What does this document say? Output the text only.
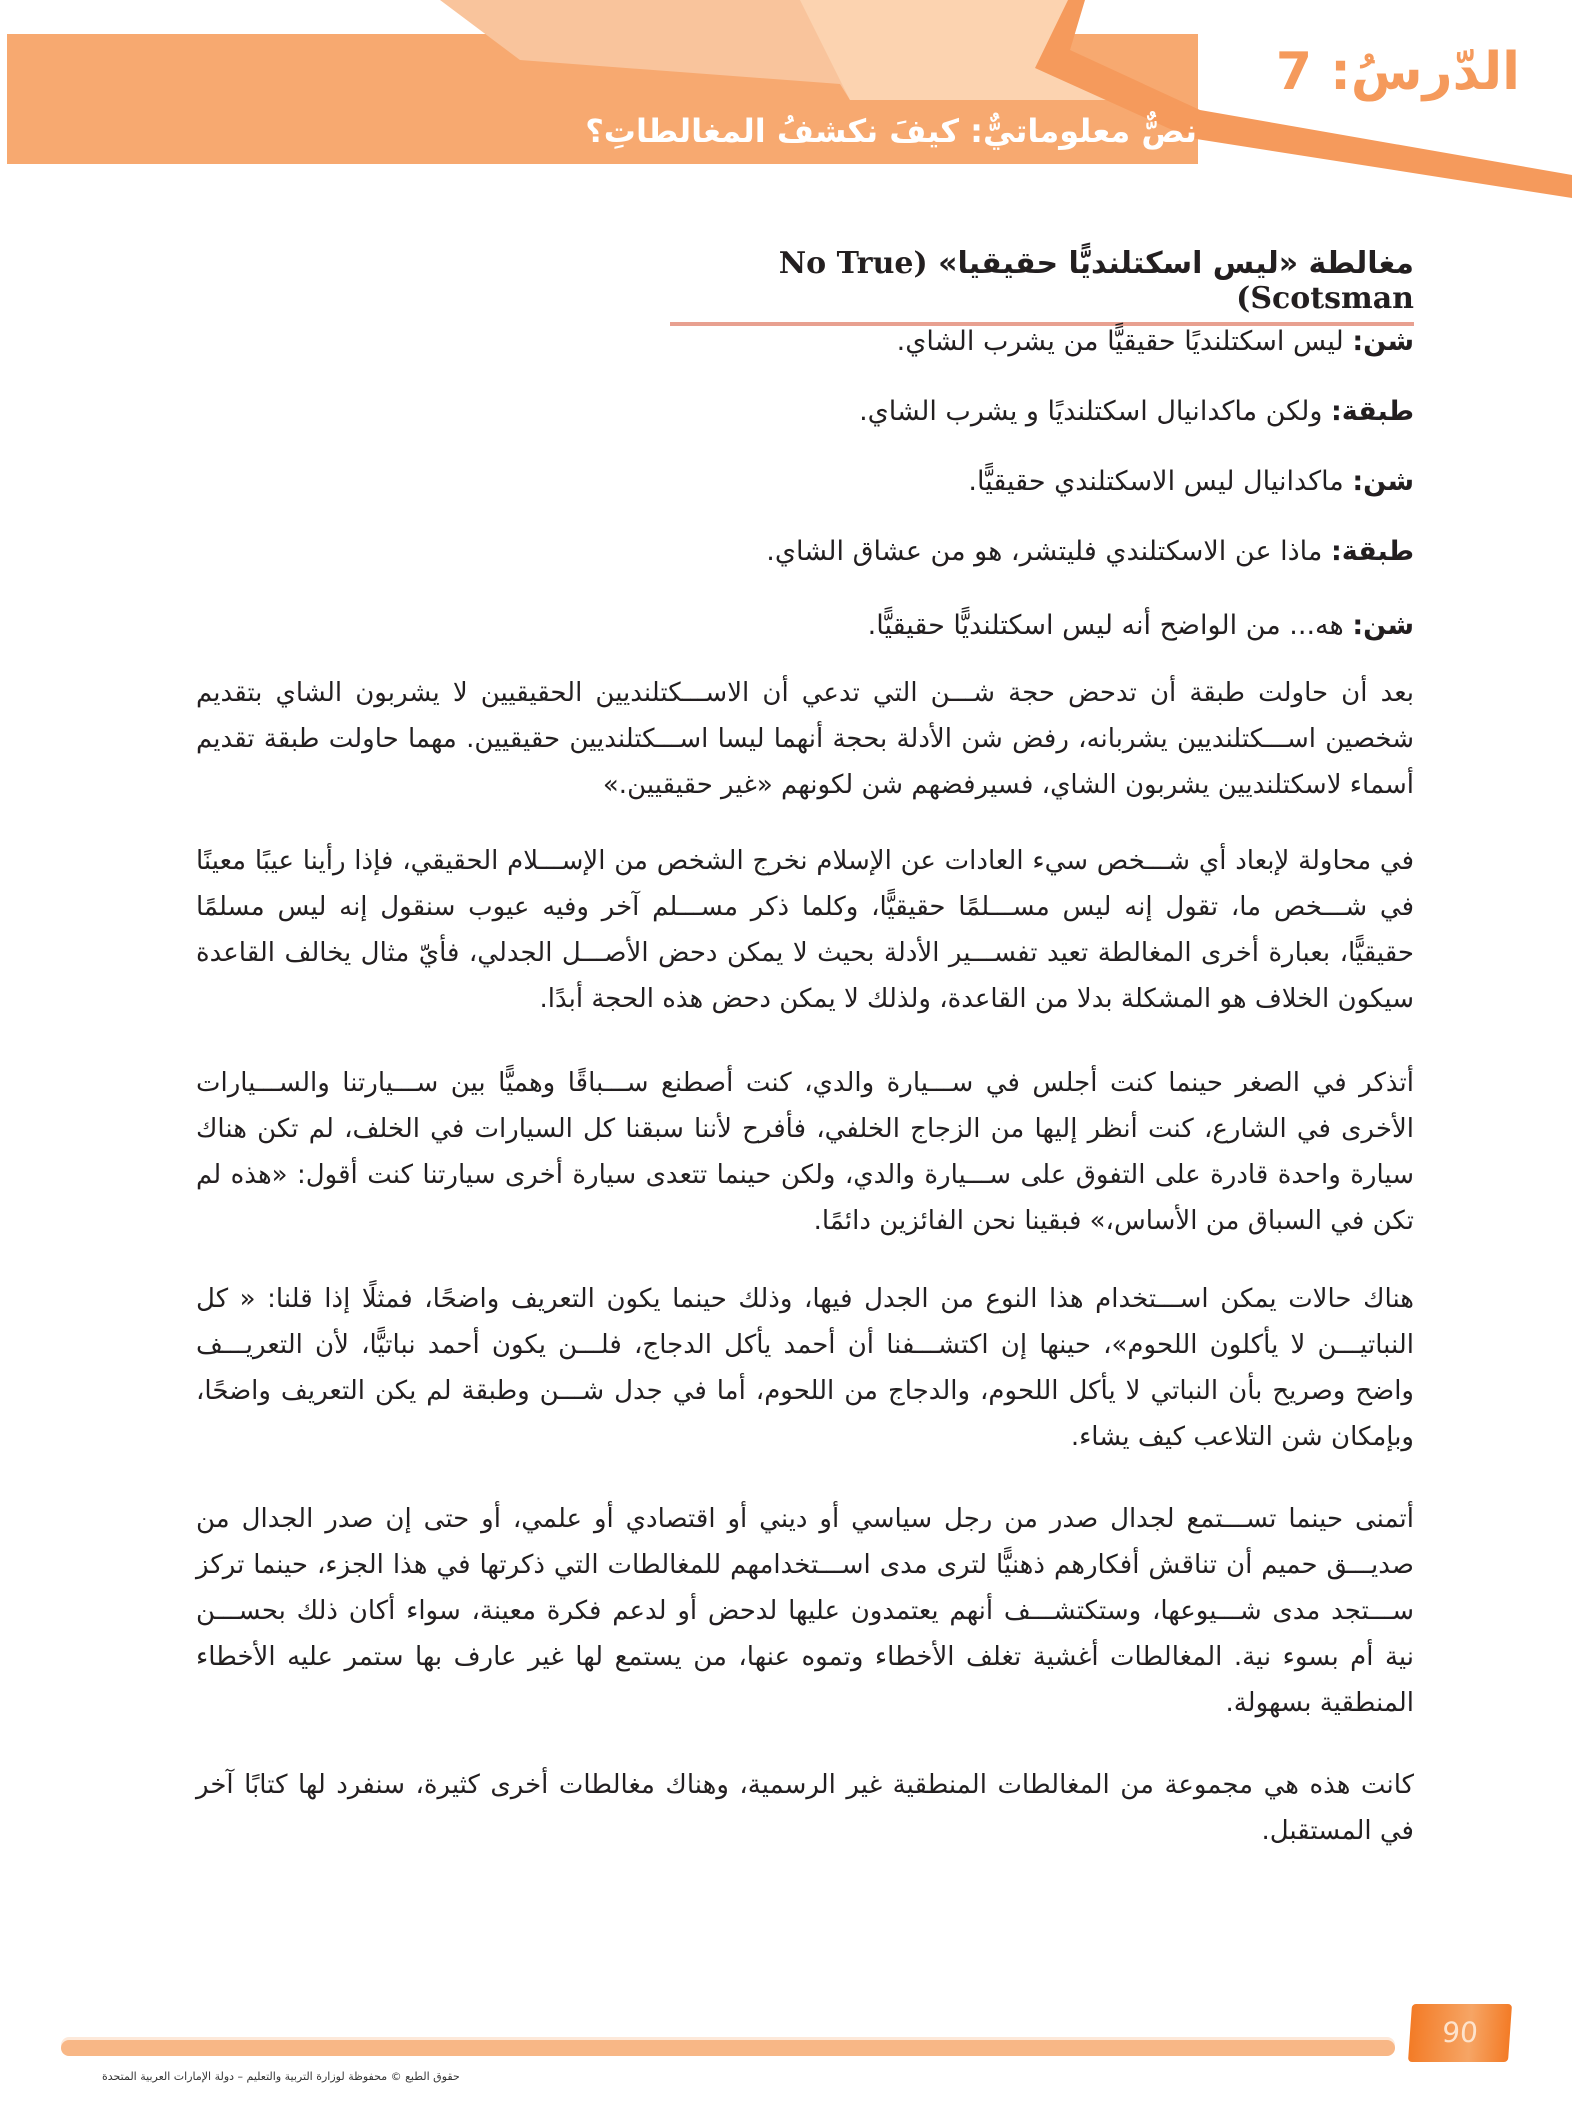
الدّرسُ: 7
نصٌّ معلوماتيٌّ: كيفَ نكشفُ المغالطاتِ؟
مغالطة «ليس اسكتلنديًّا حقيقيا» (No True Scotsman)
شن: ليس اسكتلنديًا حقيقيًّا من يشرب الشاي.
طبقة: ولكن ماكدانيال اسكتلنديًا و يشرب الشاي.
شن: ماكدانيال ليس الاسكتلندي حقيقيًّا.
طبقة: ماذا عن الاسكتلندي فليتشر، هو من عشاق الشاي.
شن: هه... من الواضح أنه ليس اسكتلنديًّا حقيقيًّا.

بعد أن حاولت طبقة أن تدحض حجة شـــن التي تدعي أن الاســـكتلنديين الحقيقيين لا يشربون الشاي بتقديم شخصين اســـكتلنديين يشربانه، رفض شن الأدلة بحجة أنهما ليسا اســـكتلنديين حقيقيين. مهما حاولت طبقة تقديم أسماء لاسكتلنديين يشربون الشاي، فسيرفضهم شن لكونهم «غير حقيقيين.»

في محاولة لإبعاد أي شـــخص سيء العادات عن الإسلام نخرج الشخص من الإســـلام الحقيقي، فإذا رأينا عيبًا معينًا في شـــخص ما، تقول إنه ليس مســـلمًا حقيقيًّا، وكلما ذكر مســـلم آخر وفيه عيوب سنقول إنه ليس مسلمًا حقيقيًّا، بعبارة أخرى المغالطة تعيد تفســـير الأدلة بحيث لا يمكن دحض الأصـــل الجدلي، فأيّ مثال يخالف القاعدة سيكون الخلاف هو المشكلة بدلا من القاعدة، ولذلك لا يمكن دحض هذه الحجة أبدًا.

أتذكر في الصغر حينما كنت أجلس في ســـيارة والدي، كنت أصطنع ســـباقًا وهميًّا بين ســـيارتنا والســـيارات الأخرى في الشارع، كنت أنظر إليها من الزجاج الخلفي، فأفرح لأننا سبقنا كل السيارات في الخلف، لم تكن هناك سيارة واحدة قادرة على التفوق على ســـيارة والدي، ولكن حينما تتعدى سيارة أخرى سيارتنا كنت أقول: «هذه لم تكن في السباق من الأساس،» فبقينا نحن الفائزين دائمًا.

هناك حالات يمكن اســـتخدام هذا النوع من الجدل فيها، وذلك حينما يكون التعريف واضحًا، فمثلًا إذا قلنا: « كل النباتيـــن لا يأكلون اللحوم»، حينها إن اكتشـــفنا أن أحمد يأكل الدجاج، فلـــن يكون أحمد نباتيًّا، لأن التعريـــف واضح وصريح بأن النباتي لا يأكل اللحوم، والدجاج من اللحوم، أما في جدل شـــن وطبقة لم يكن التعريف واضحًا، وبإمكان شن التلاعب كيف يشاء.

أتمنى حينما تســـتمع لجدال صدر من رجل سياسي أو ديني أو اقتصادي أو علمي، أو حتى إن صدر الجدال من صديـــق حميم أن تناقش أفكارهم ذهنيًّا لترى مدى اســـتخدامهم للمغالطات التي ذكرتها في هذا الجزء، حينما تركز ســـتجد مدى شـــيوعها، وستكتشـــف أنهم يعتمدون عليها لدحض أو لدعم فكرة معينة، سواء أكان ذلك بحســـن نية أم بسوء نية. المغالطات أغشية تغلف الأخطاء وتموه عنها، من يستمع لها غير عارف بها ستمر عليه الأخطاء المنطقية بسهولة.

كانت هذه هي مجموعة من المغالطات المنطقية غير الرسمية، وهناك مغالطات أخرى كثيرة، سنفرد لها كتابًا آخر في المستقبل.

90
حقوق الطبع © محفوظة لوزارة التربية والتعليم – دولة الإمارات العربية المتحدة
